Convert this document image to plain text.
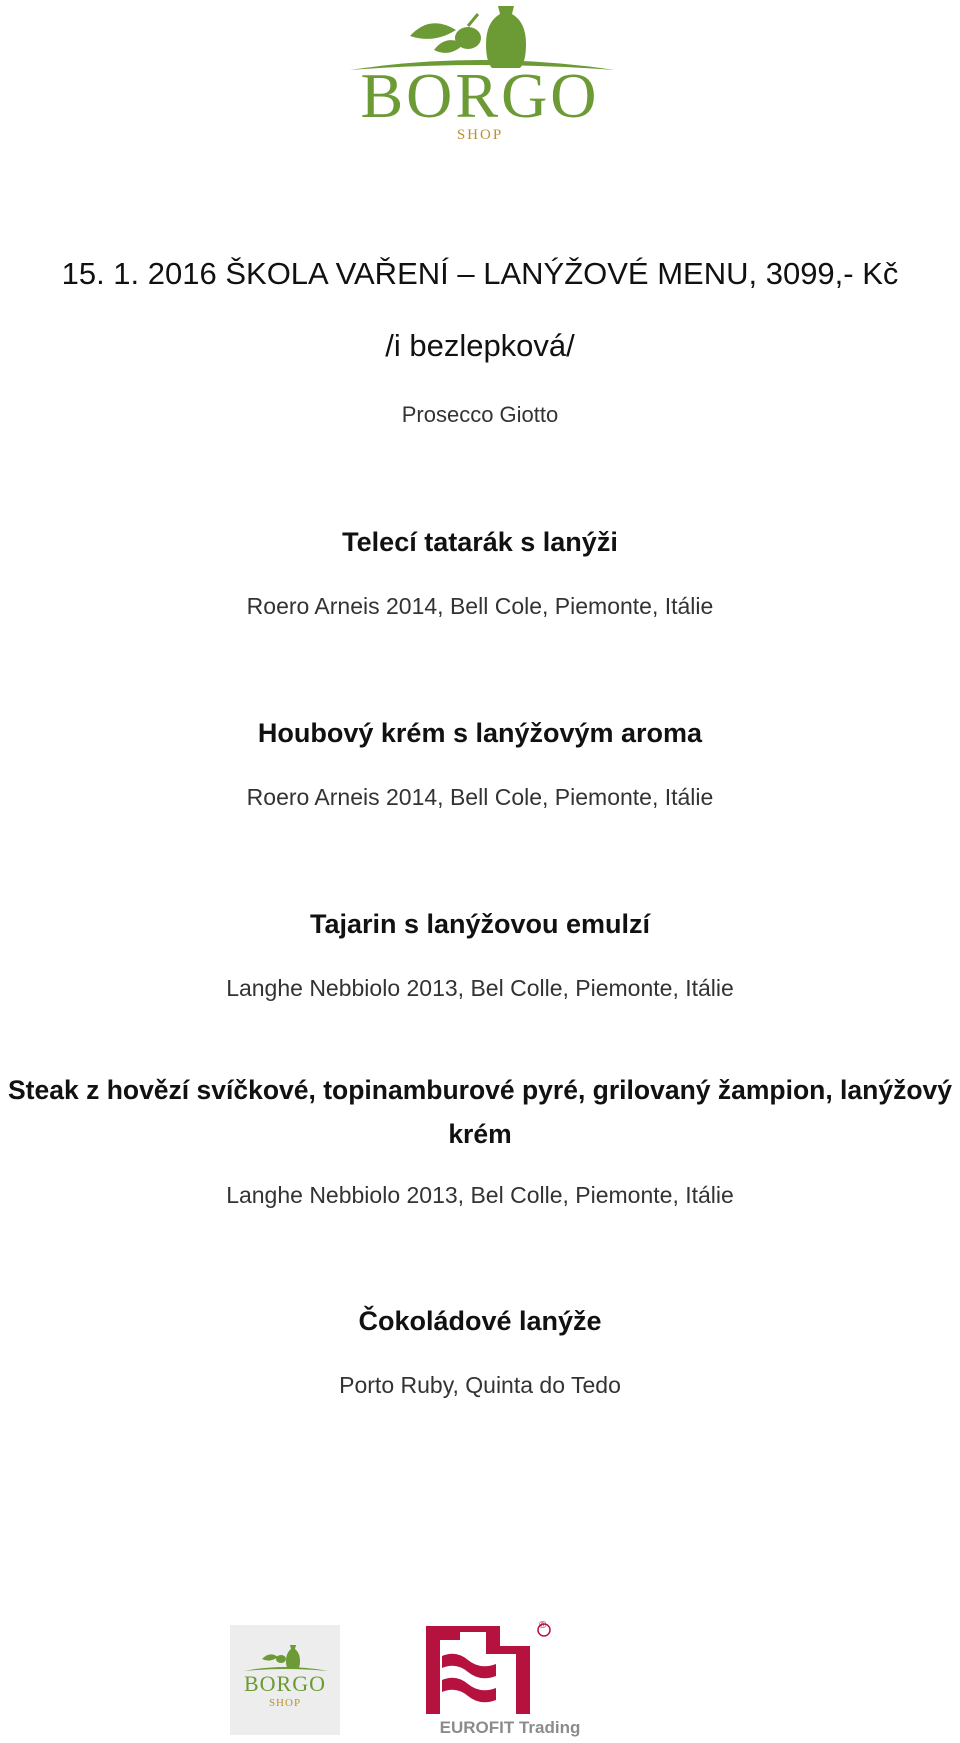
BORGO
SHOP
15. 1. 2016 ŠKOLA VAŘENÍ – LANÝŽOVÉ MENU, 3099,- Kč
/i bezlepková/
Prosecco Giotto
Telecí tatarák s lanýži
Roero Arneis 2014, Bell Cole, Piemonte, Itálie
Houbový krém s lanýžovým aroma
Roero Arneis 2014, Bell Cole, Piemonte, Itálie
Tajarin s lanýžovou emulzí
Langhe Nebbiolo 2013, Bel Colle, Piemonte, Itálie
Steak z hovězí svíčkové, topinamburové pyré, grilovaný žampion, lanýžový krém
Langhe Nebbiolo 2013, Bel Colle, Piemonte, Itálie
Čokoládové lanýže
Porto Ruby, Quinta do Tedo
BORGO
SHOP
®
EUROFIT Trading
